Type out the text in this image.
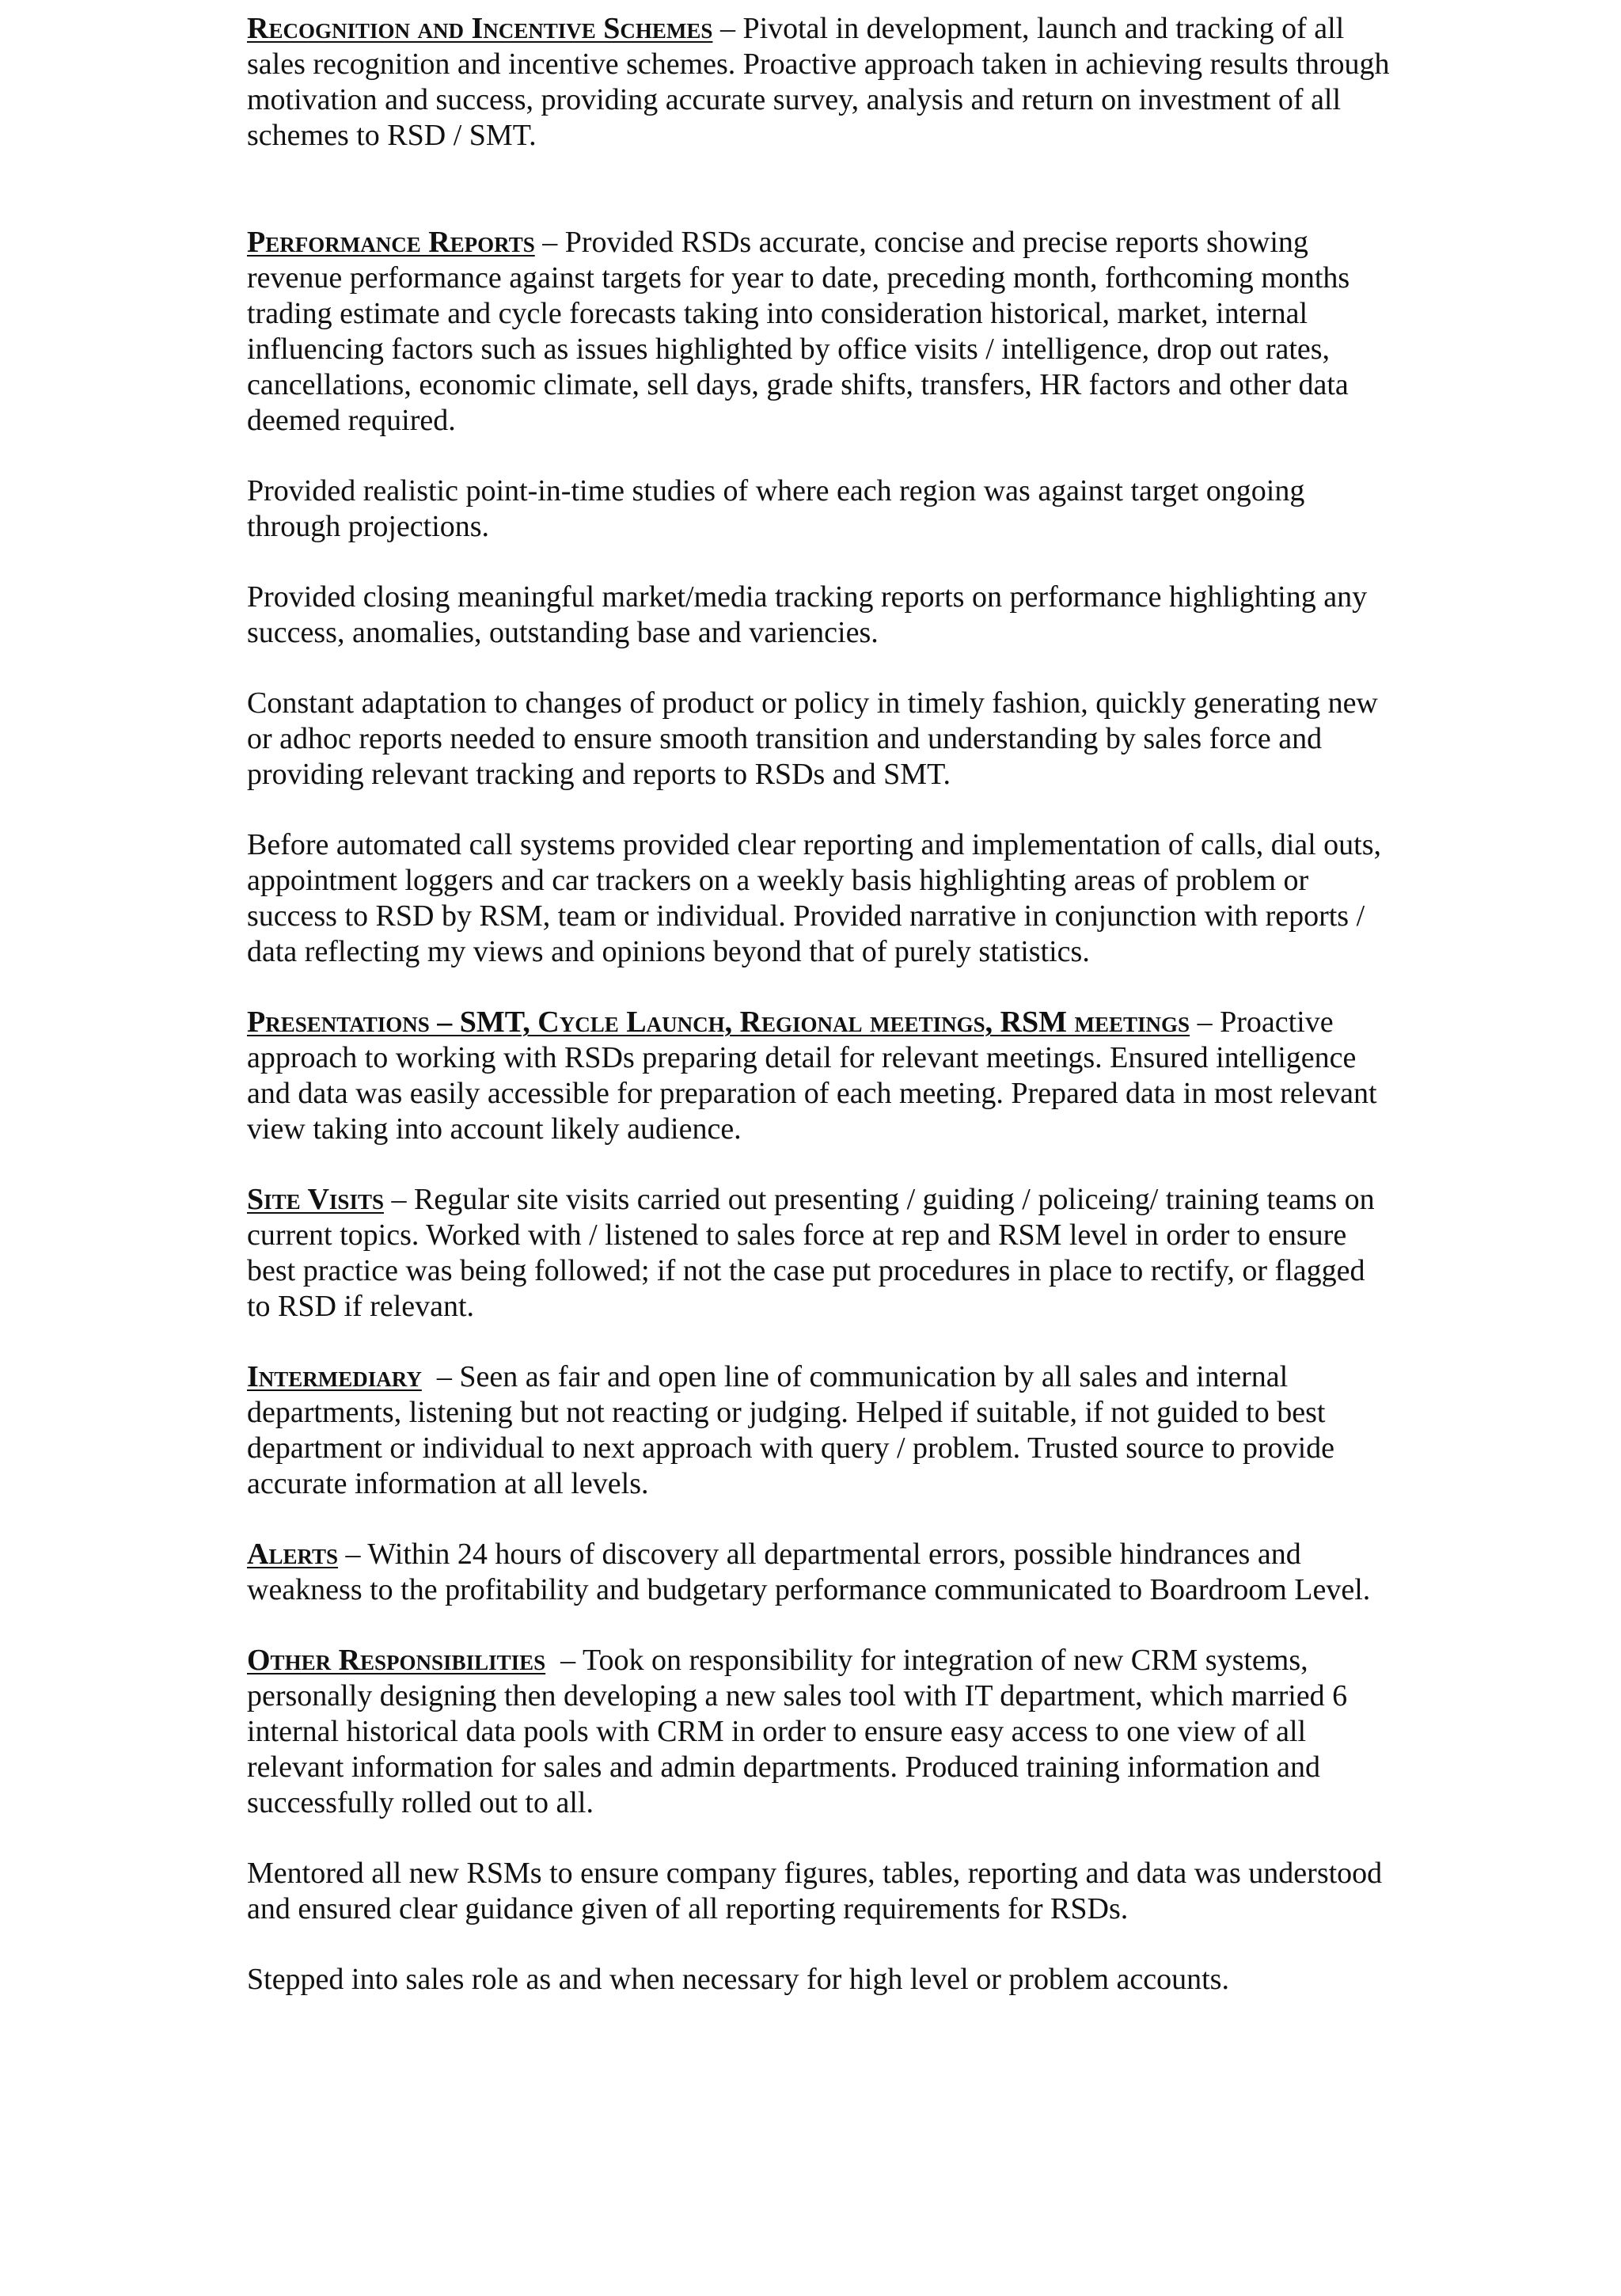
Recognition and Incentive Schemes – Pivotal in development, launch and tracking of all sales recognition and incentive schemes. Proactive approach taken in achieving results through motivation and success, providing accurate survey, analysis and return on investment of all schemes to RSD / SMT.

Performance Reports – Provided RSDs accurate, concise and precise reports showing revenue performance against targets for year to date, preceding month, forthcoming months trading estimate and cycle forecasts taking into consideration historical, market, internal influencing factors such as issues highlighted by office visits / intelligence, drop out rates, cancellations, economic climate, sell days, grade shifts, transfers, HR factors and other data deemed required.

Provided realistic point-in-time studies of where each region was against target ongoing through projections.

Provided closing meaningful market/media tracking reports on performance highlighting any success, anomalies, outstanding base and variencies.

Constant adaptation to changes of product or policy in timely fashion, quickly generating new or adhoc reports needed to ensure smooth transition and understanding by sales force and providing relevant tracking and reports to RSDs and SMT.

Before automated call systems provided clear reporting and implementation of calls, dial outs, appointment loggers and car trackers on a weekly basis highlighting areas of problem or success to RSD by RSM, team or individual. Provided narrative in conjunction with reports / data reflecting my views and opinions beyond that of purely statistics.

Presentations – SMT, Cycle Launch, Regional meetings, RSM meetings – Proactive approach to working with RSDs preparing detail for relevant meetings. Ensured intelligence and data was easily accessible for preparation of each meeting. Prepared data in most relevant view taking into account likely audience.

Site Visits – Regular site visits carried out presenting / guiding / policeing/ training teams on current topics. Worked with / listened to sales force at rep and RSM level in order to ensure best practice was being followed; if not the case put procedures in place to rectify, or flagged to RSD if relevant.

Intermediary  – Seen as fair and open line of communication by all sales and internal departments, listening but not reacting or judging. Helped if suitable, if not guided to best department or individual to next approach with query / problem. Trusted source to provide accurate information at all levels.

Alerts – Within 24 hours of discovery all departmental errors, possible hindrances and weakness to the profitability and budgetary performance communicated to Boardroom Level.

Other Responsibilities  – Took on responsibility for integration of new CRM systems, personally designing then developing a new sales tool with IT department, which married 6 internal historical data pools with CRM in order to ensure easy access to one view of all relevant information for sales and admin departments. Produced training information and successfully rolled out to all.

Mentored all new RSMs to ensure company figures, tables, reporting and data was understood and ensured clear guidance given of all reporting requirements for RSDs.

Stepped into sales role as and when necessary for high level or problem accounts.
